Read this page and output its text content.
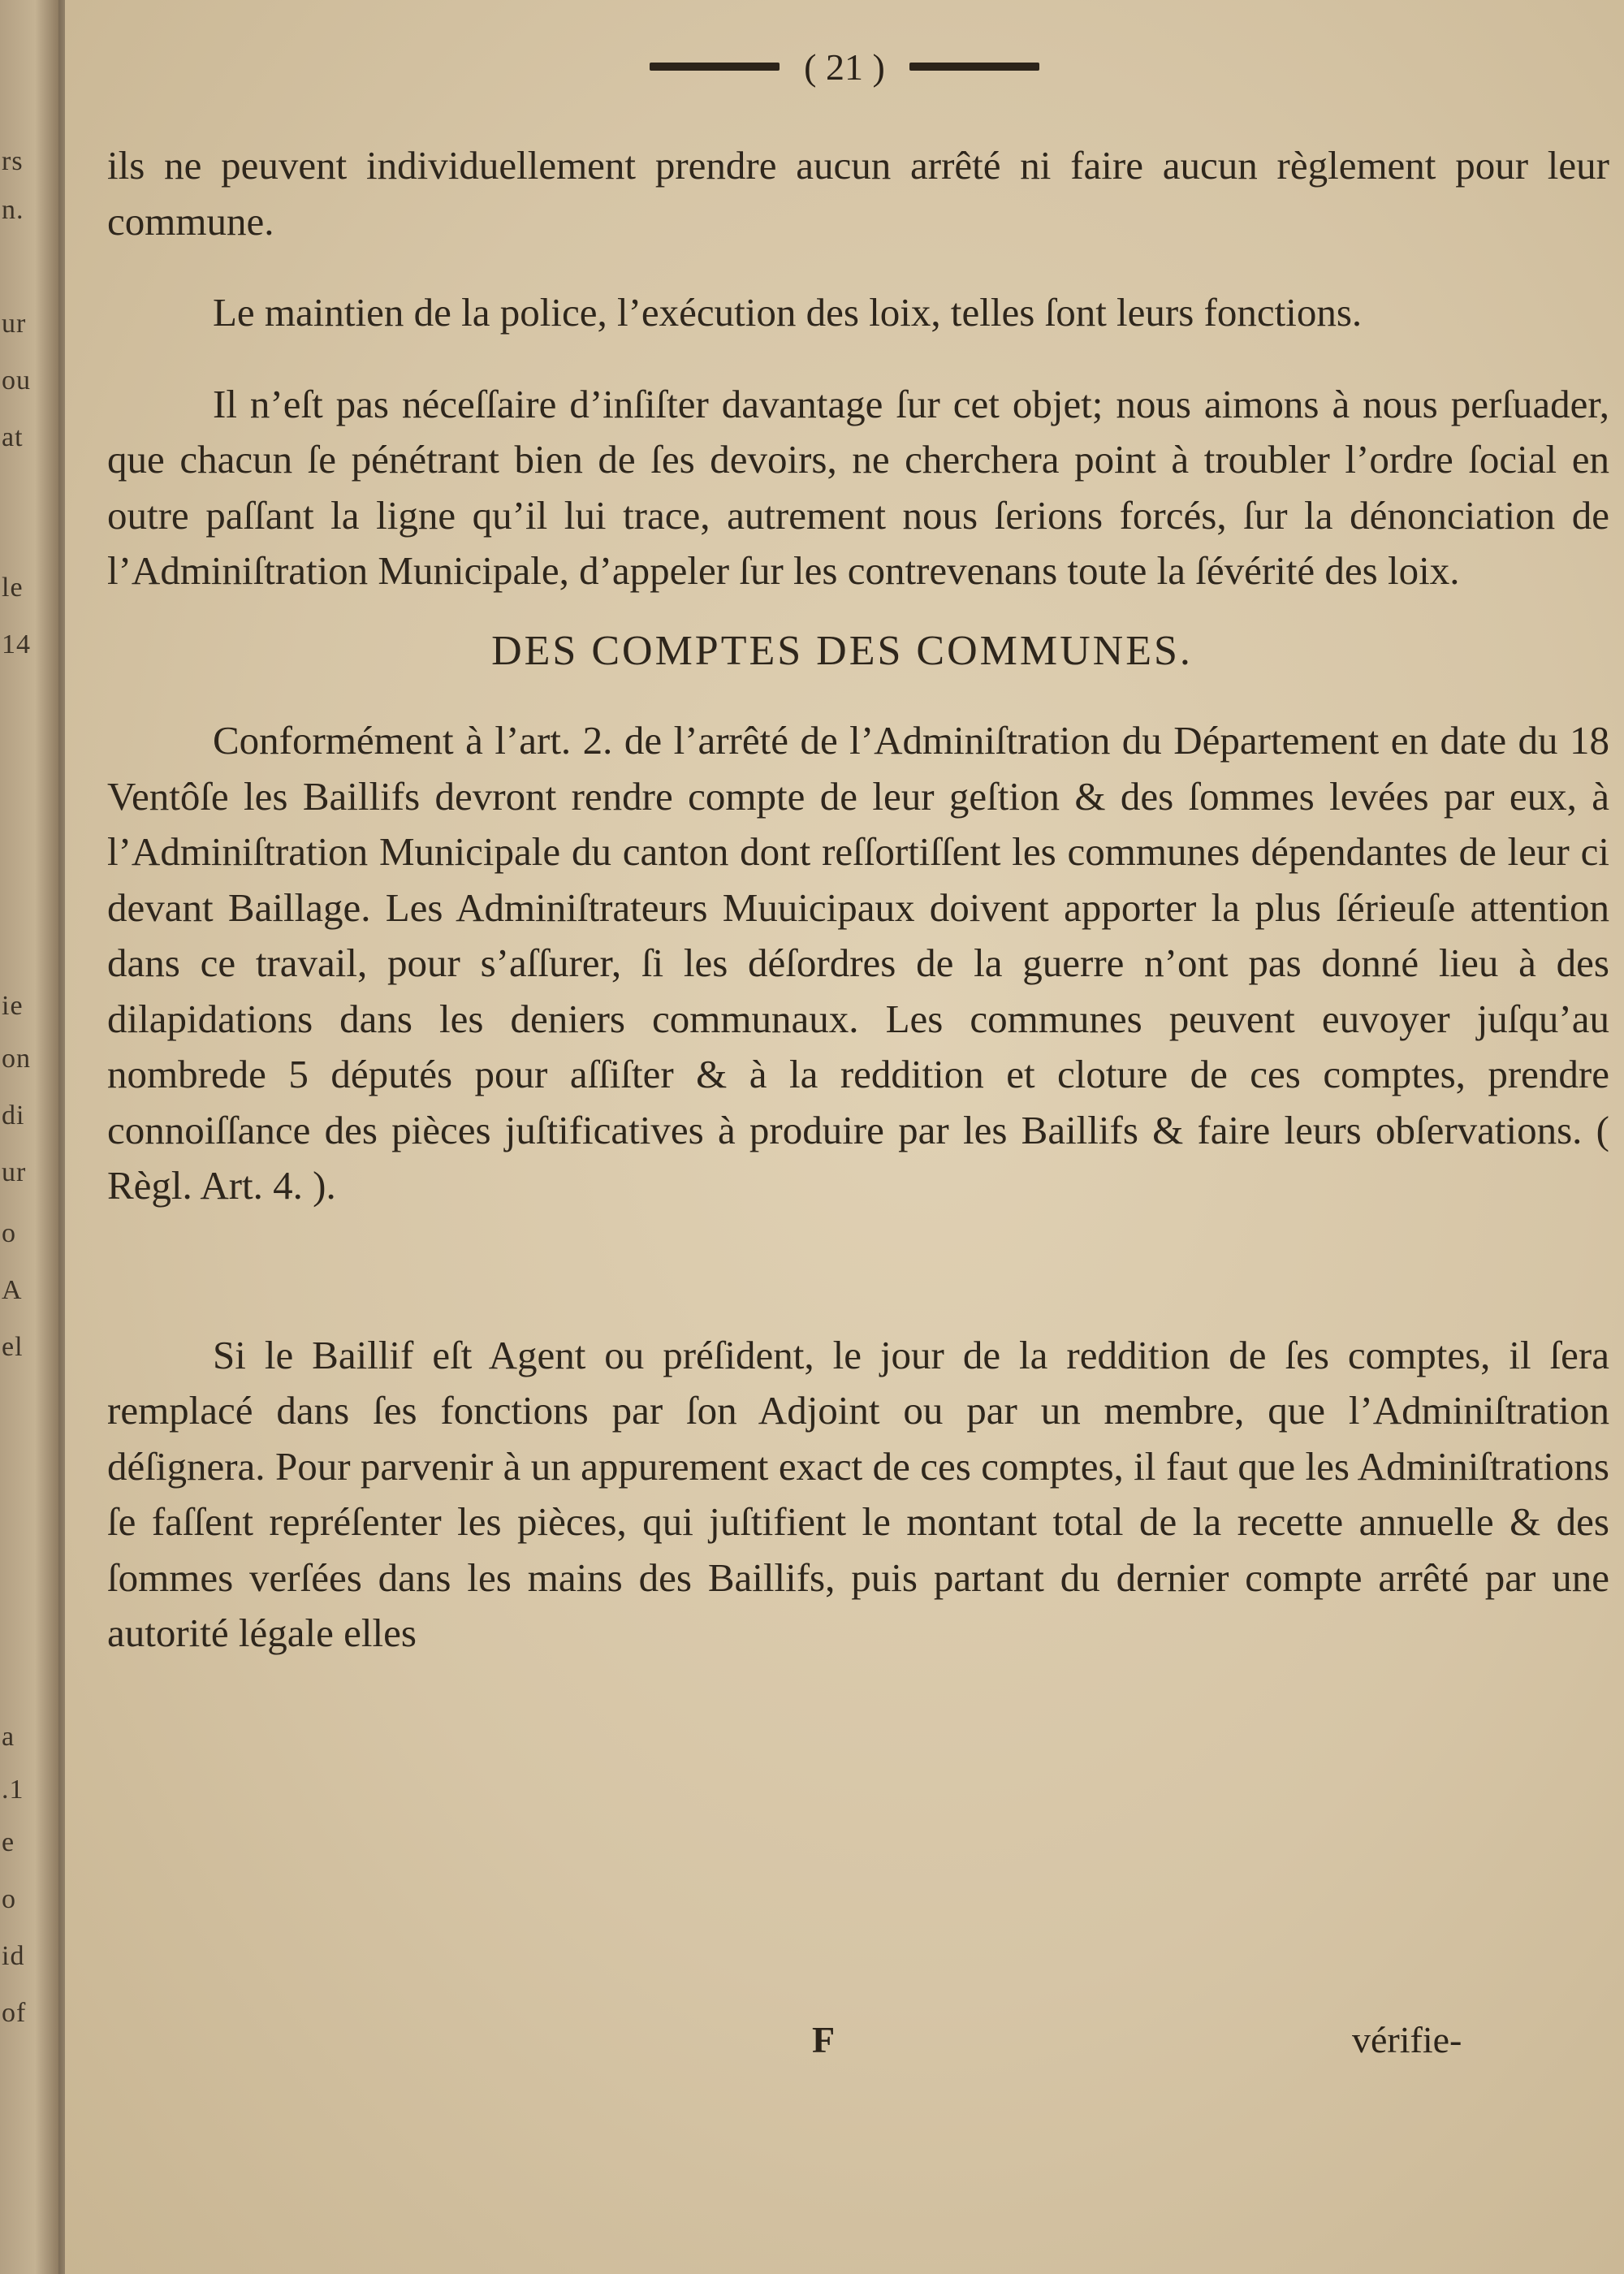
rs
n.
ur
ou
at
le
14
ie
on
di
ur
o
A
el
a
.1
e
o
id
of
( 21 )

ils ne peuvent individuellement prendre aucun arrêté ni faire aucun règlement pour leur commune.

Le maintien de la police, l’exécution des loix, telles ſont leurs fonctions.

Il n’eſt pas néceſſaire d’inſiſter davantage ſur cet objet; nous aimons à nous perſuader, que chacun ſe pénétrant bien de ſes devoirs, ne cherchera point à troubler l’ordre ſocial en outre paſſant la ligne qu’il lui trace, autrement nous ſerions forcés, ſur la dénonciation de l’Adminiſtration Municipale, d’appeler ſur les contrevenans toute la ſévérité des loix.

DES COMPTES DES COMMUNES.

Conformément à l’art. 2. de l’arrêté de l’Adminiſtration du Département en date du 18 Ventôſe les Baillifs devront rendre compte de leur geſtion & des ſommes levées par eux, à l’Adminiſtration Municipale du canton dont reſſortiſſent les communes dépendantes de leur ci devant Baillage. Les Adminiſtrateurs Muuicipaux doivent apporter la plus ſérieuſe attention dans ce travail, pour s’aſſurer, ſi les déſordres de la guerre n’ont pas donné lieu à des dilapidations dans les deniers communaux. Les communes peuvent euvoyer juſqu’au nombrede 5 députés pour aſſiſter & à la reddition et cloture de ces comptes, prendre connoiſſance des pièces juſtificatives à produire par les Baillifs & faire leurs obſervations. ( Règl. Art. 4. ).

Si le Baillif eſt Agent ou préſident, le jour de la reddition de ſes comptes, il ſera remplacé dans ſes fonctions par ſon Adjoint ou par un membre, que l’Adminiſtration déſignera. Pour parvenir à un appurement exact de ces comptes, il faut que les Adminiſtrations ſe faſſent repréſenter les pièces, qui juſtifient le montant total de la recette annuelle & des ſommes verſées dans les mains des Baillifs, puis partant du dernier compte arrêté par une autorité légale elles

F	vérifie-
